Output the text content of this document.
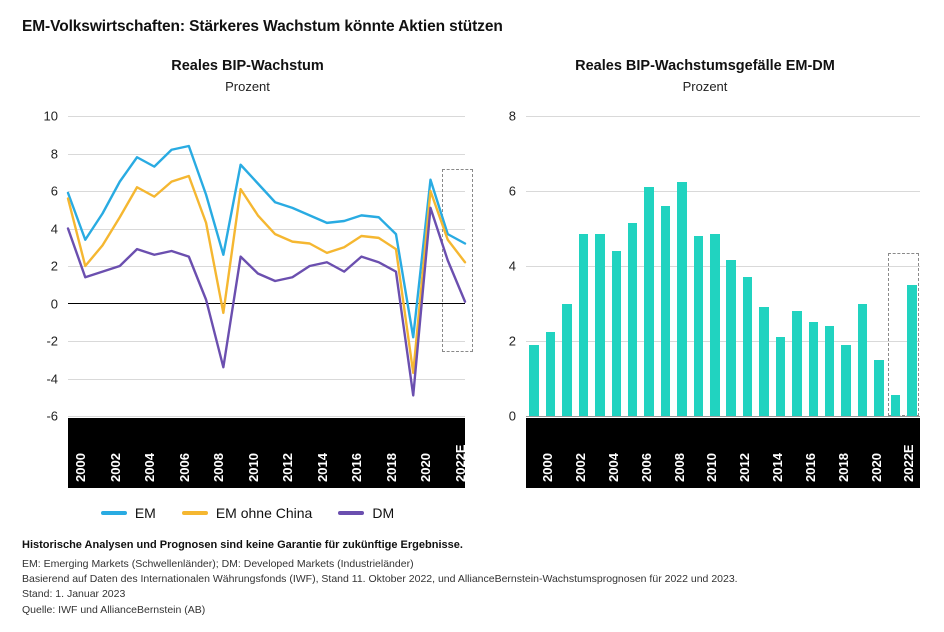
EM-Volkswirtschaften: Stärkeres Wachstum könnte Aktien stützen
Reales BIP-Wachstum
Prozent
-6
-4
-2
0
2
4
6
8
10
2000 2002 2004 2006 2008 2010 2012 2014 2016 2018 2020 2022E 2023E
Reales BIP-Wachstumsgefälle EM-DM
Prozent
0
2
4
6
8
2000 2002 2004 2006 2008 2010 2012 2014 2016 2018 2020 2022E 2023E
EM	EM ohne China	DM
Historische Analysen und Prognosen sind keine Garantie für zukünftige Ergebnisse.
EM: Emerging Markets (Schwellenländer); DM: Developed Markets (Industrieländer)
Basierend auf Daten des Internationalen Währungsfonds (IWF), Stand 11. Oktober 2022, und AllianceBernstein-Wachstumsprognosen für 2022 und 2023.
Stand: 1. Januar 2023
Quelle: IWF und AllianceBernstein (AB)
